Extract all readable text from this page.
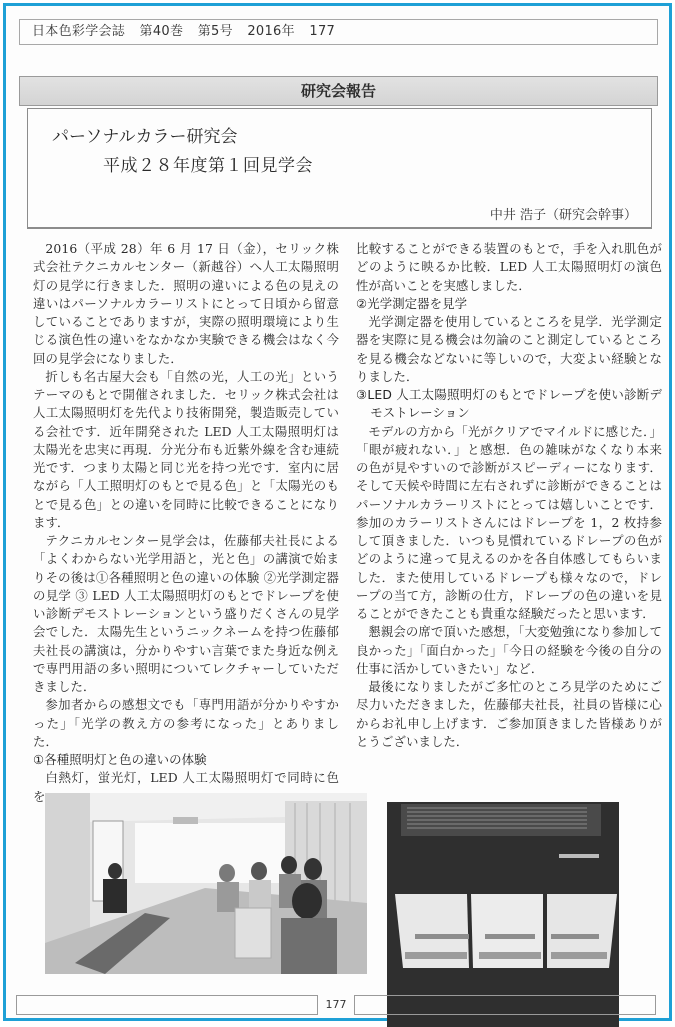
日本色彩学会誌 第40巻 第5号 2016年 177
研究会報告
パーソナルカラー研究会
平成２８年度第１回見学会
中井 浩子（研究会幹事）

2016（平成 28）年 6 月 17 日（金），セリック株式会社テクニカルセンター（新越谷）へ人工太陽照明灯の見学に行きました．照明の違いによる色の見えの違いはパーソナルカラーリストにとって日頃から留意していることでありますが，実際の照明環境により生じる演色性の違いをなかなか実験できる機会はなく今回の見学会になりました．

折しも名古屋大会も「自然の光，人工の光」というテーマのもとで開催されました．セリック株式会社は人工太陽照明灯を先代より技術開発，製造販売している会社です．近年開発された LED 人工太陽照明灯は太陽光を忠実に再現．分光分布も近紫外線を含む連続光です．つまり太陽と同じ光を持つ光です．室内に居ながら「人工照明灯のもとで見る色」と「太陽光のもとで見る色」との違いを同時に比較できることになります．

テクニカルセンター見学会は，佐藤郁夫社長による「よくわからない光学用語と，光と色」の講演で始まりその後は①各種照明と色の違いの体験 ②光学測定器の見学 ③ LED 人工太陽照明灯のもとでドレープを使い診断デモストレーションという盛りだくさんの見学会でした．太陽先生というニックネームを持つ佐藤郁夫社長の講演は，分かりやすい言葉でまた身近な例えで専門用語の多い照明についてレクチャーしていただきました．

参加者からの感想文でも「専門用語が分かりやすかった」「光学の教え方の参考になった」とありました．

①各種照明灯と色の違いの体験

白熱灯，蛍光灯，LED 人工太陽照明灯で同時に色を

比較することができる装置のもとで，手を入れ肌色がどのように映るか比較．LED 人工太陽照明灯の演色性が高いことを実感しました．

②光学測定器を見学

光学測定器を使用しているところを見学．光学測定器を実際に見る機会は勿論のこと測定しているところを見る機会などないに等しいので，大変よい経験となりました．

③LED 人工太陽照明灯のもとでドレープを使い診断デモストレーション

モデルの方から「光がクリアでマイルドに感じた．」「眼が疲れない．」と感想．色の雑味がなくなり本来の色が見やすいので診断がスピーディーになります．そして天候や時間に左右されずに診断ができることはパーソナルカラーリストにとっては嬉しいことです．参加のカラーリストさんにはドレープを 1，2 枚持参して頂きました．いつも見慣れているドレープの色がどのように違って見えるのかを各自体感してもらいました．また使用しているドレープも様々なので，ドレープの当て方，診断の仕方，ドレープの色の違いを見ることができたことも貴重な経験だったと思います．

懇親会の席で頂いた感想，「大変勉強になり参加して良かった」「面白かった」「今日の経験を今後の自分の仕事に活かしていきたい」など．

最後になりましたがご多忙のところ見学のためにご尽力いただきました，佐藤郁夫社長，社員の皆様に心からお礼申し上げます．ご参加頂きました皆様ありがとうございました．

177
